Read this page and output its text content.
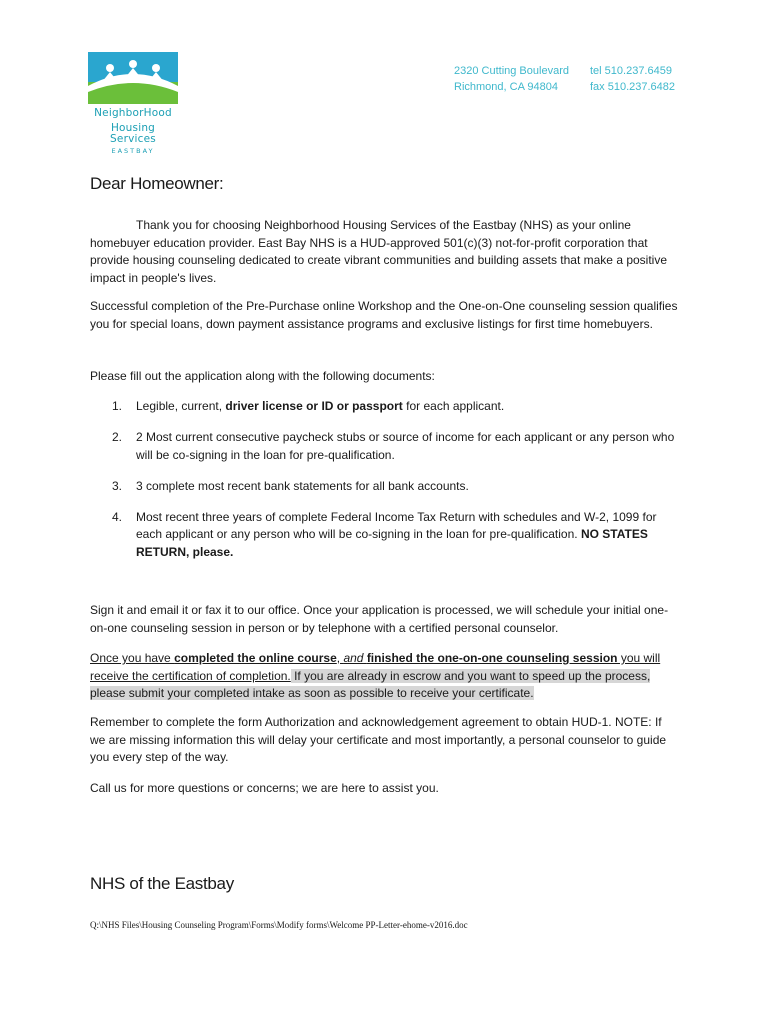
NeighborHood
Housing Services
EASTBAY
2320 Cutting Boulevard
Richmond, CA 94804
tel 510.237.6459
fax 510.237.6482
Dear Homeowner:
Thank you for choosing Neighborhood Housing Services of the Eastbay (NHS) as your online homebuyer education provider. East Bay NHS is a HUD-approved 501(c)(3) not-for-profit corporation that provide housing counseling dedicated to create vibrant communities and building assets that make a positive impact in people's lives.
Successful completion of the Pre-Purchase online Workshop and the One-on-One counseling session qualifies you for special loans, down payment assistance programs and exclusive listings for first time homebuyers.
Please fill out the application along with the following documents:
1. Legible, current, driver license or ID or passport for each applicant.
2. 2 Most current consecutive paycheck stubs or source of income for each applicant or any person who will be co-signing in the loan for pre-qualification.
3. 3 complete most recent bank statements for all bank accounts.
4. Most recent three years of complete Federal Income Tax Return with schedules and W-2, 1099 for each applicant or any person who will be co-signing in the loan for pre-qualification. NO STATES RETURN, please.
Sign it and email it or fax it to our office. Once your application is processed, we will schedule your initial one-on-one counseling session in person or by telephone with a certified personal counselor.
Once you have completed the online course, and finished the one-on-one counseling session you will receive the certification of completion. If you are already in escrow and you want to speed up the process, please submit your completed intake as soon as possible to receive your certificate.
Remember to complete the form Authorization and acknowledgement agreement to obtain HUD-1. NOTE: If we are missing information this will delay your certificate and most importantly, a personal counselor to guide you every step of the way.
Call us for more questions or concerns; we are here to assist you.
NHS of the Eastbay
Q:\NHS Files\Housing Counseling Program\Forms\Modify forms\Welcome PP-Letter-ehome-v2016.doc
